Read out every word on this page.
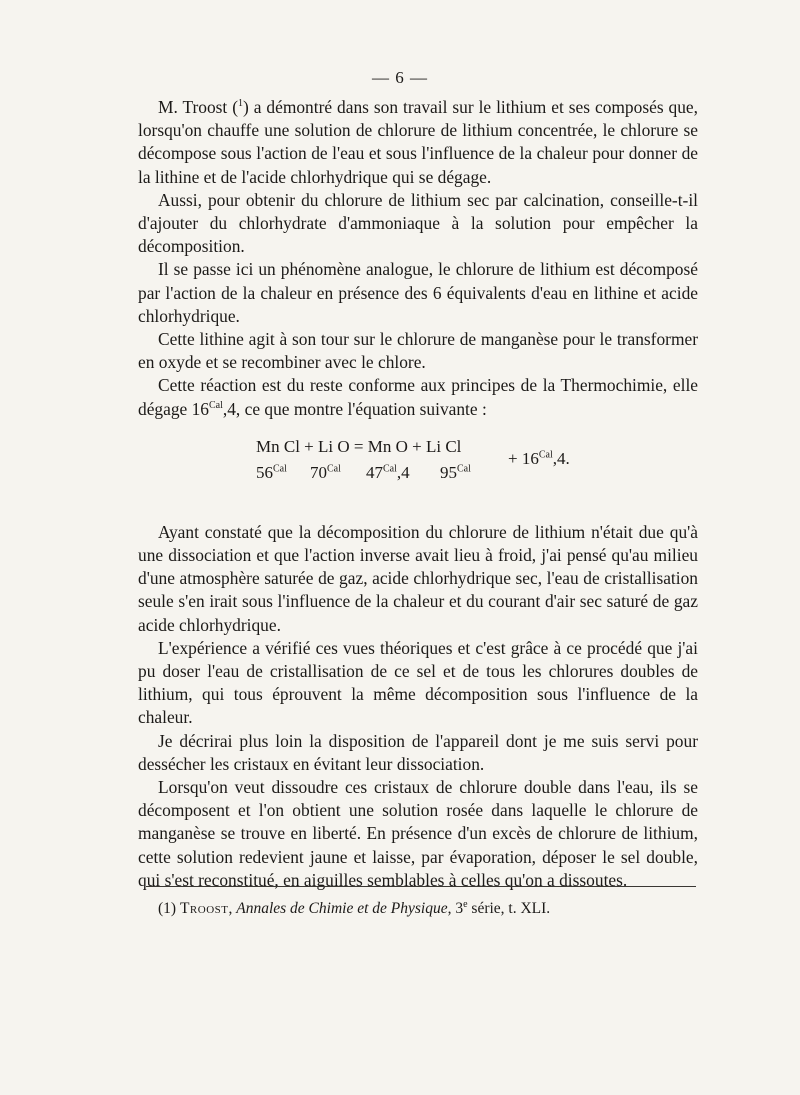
— 6 —

M. Troost ($^1$) a démontré dans son travail sur le lithium et ses composés que, lorsqu'on chauffe une solution de chlorure de lithium concentrée, le chlorure se décompose sous l'action de l'eau et sous l'influence de la chaleur pour donner de la lithine et de l'acide chlorhydrique qui se dégage.

Aussi, pour obtenir du chlorure de lithium sec par calcination, conseille-t-il d'ajouter du chlorhydrate d'ammoniaque à la solution pour empêcher la décomposition.

Il se passe ici un phénomène analogue, le chlorure de lithium est décomposé par l'action de la chaleur en présence des 6 équivalents d'eau en lithine et acide chlorhydrique.

Cette lithine agit à son tour sur le chlorure de manganèse pour le transformer en oxyde et se recombiner avec le chlore.

Cette réaction est du reste conforme aux principes de la Thermochimie, elle dégage $16^{Cal},4$, ce que montre l'équation suivante :

Mn Cl + Li O = Mn O + Li Cl
$56^{Cal}$ $70^{Cal}$ $47^{Cal},4$ $95^{Cal}$
+ $16^{Cal},4$.

Ayant constaté que la décomposition du chlorure de lithium n'était due qu'à une dissociation et que l'action inverse avait lieu à froid, j'ai pensé qu'au milieu d'une atmosphère saturée de gaz, acide chlorhydrique sec, l'eau de cristallisation seule s'en irait sous l'influence de la chaleur et du courant d'air sec saturé de gaz acide chlorhydrique.

L'expérience a vérifié ces vues théoriques et c'est grâce à ce procédé que j'ai pu doser l'eau de cristallisation de ce sel et de tous les chlorures doubles de lithium, qui tous éprouvent la même décomposition sous l'influence de la chaleur.

Je décrirai plus loin la disposition de l'appareil dont je me suis servi pour dessécher les cristaux en évitant leur dissociation.

Lorsqu'on veut dissoudre ces cristaux de chlorure double dans l'eau, ils se décomposent et l'on obtient une solution rosée dans laquelle le chlorure de manganèse se trouve en liberté. En présence d'un excès de chlorure de lithium, cette solution redevient jaune et laisse, par évaporation, déposer le sel double, qui s'est reconstitué, en aiguilles semblables à celles qu'on a dissoutes.

(1) Troost, Annales de Chimie et de Physique, 3e série, t. XLI.
